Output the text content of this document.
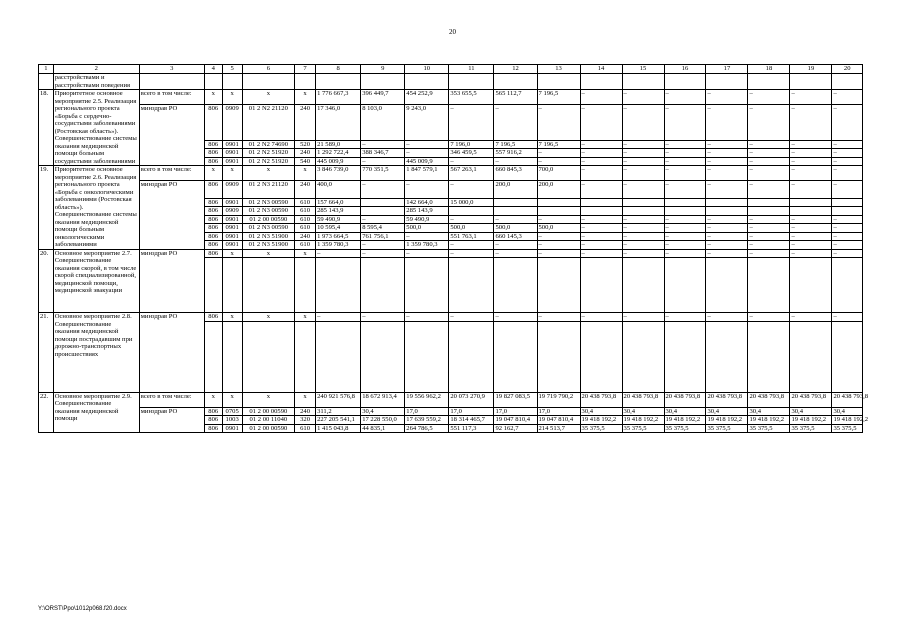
20
1	2	3	4	5	6	7	8	9	10	11	12	13	14	15	16	17	18	19	20
	расстройствами и расстройствами поведения																		
18.	Приоритетное основное мероприятие 2.5. Реализация регионального проекта «Борьба с сердечно-сосудистыми заболеваниями (Ростовская область»). Совершенствование системы оказания медицинской помощи больным сосудистыми заболеваниями	всего в том числе:	x	x	x	x	1 776 667,3	396 449,7	454 252,9	353 655,5	565 112,7	7 196,5	–	–	–	–	–	–	–
		минздрав РО	806	0909	01 2 N2 21120	240	17 346,0	8 103,0	9 243,0	–	–	–	–	–	–	–	–	–	–
			806	0901	01 2 N2 74690	520	21 589,0	–	–	7 196,0	7 196,5	7 196,5	–	–	–	–	–	–	–
			806	0901	01 2 N2 51920	240	1 292 722,4	388 346,7	–	346 459,5	557 916,2	–	–	–	–	–	–	–	–
			806	0901	01 2 N2 51920	540	445 009,9	–	445 009,9	–	–	–	–	–	–	–	–	–	–
19.	Приоритетное основное мероприятие 2.6. Реализация регионального проекта «Борьба с онкологическими заболеваниями (Ростовская область»). Совершенствование системы оказания медицинской помощи больным онкологическими заболеваниями	всего в том числе:	x	x	x	x	3 846 739,0	770 351,5	1 847 579,1	567 263,1	660 845,3	700,0	–	–	–	–	–	–	–
		минздрав РО	806	0909	01 2 N3 21120	240	400,0	–	–	–	200,0	200,0	–	–	–	–	–	–	–
			806	0901	01 2 N3 00590	610	157 664,0		142 664,0	15 000,0									
			806	0909	01 2 N3 00590	610	285 143,9		285 143,9										
			806	0901	01 2 00 00590	610	59 490,9	–	59 490,9	–	–	–	–	–	–	–	–	–	–
			806	0901	01 2 N3 00590	610	10 595,4	8 595,4	500,0	500,0	500,0	500,0	–	–	–	–	–	–	–
			806	0901	01 2 N3 51900	240	1 973 664,5	761 756,1	–	551 763,1	660 145,3	–	–	–	–	–	–	–	–
			806	0901	01 2 N3 51900	610	1 359 780,3	–	1 359 780,3	–	–	–	–	–	–	–	–	–	–
20.	Основное мероприятие 2.7. Совершенствование оказания скорой, в том числе скорой специализированной, медицинской помощи, медицинской эвакуации	минздрав РО	806	x	x	x	–	–	–	–	–	–	–	–	–	–	–	–	–

21.	Основное мероприятие 2.8. Совершенствование оказания медицинской помощи пострадавшим при дорожно-транспортных происшествиях	минздрав РО	806	x	x	x	–	–	–	–	–	–	–	–	–	–	–	–	–

22.	Основное мероприятие 2.9. Совершенствование оказания медицинской помощи	всего в том числе:	x	x	x	x	240 921 576,8	18 672 913,4	19 556 962,2	20 073 270,9	19 827 083,5	19 719 790,2	20 438 793,8	20 438 793,8	20 438 793,8	20 438 793,8	20 438 793,8	20 438 793,8	20 438 793,8
		минздрав РО	806	0705	01 2 00 00590	240	311,2	30,4	17,0	17,0	17,0	17,0	30,4	30,4	30,4	30,4	30,4	30,4	30,4
			806	1003	01 2 00 11040	320	227 205 541,1	17 228 550,0	17 639 559,2	18 314 465,7	19 047 810,4	19 047 810,4	19 418 192,2	19 418 192,2	19 418 192,2	19 418 192,2	19 418 192,2	19 418 192,2	19 418 192,2
			806	0901	01 2 00 00590	610	1 415 043,8	44 835,1	264 786,5	551 117,3	92 162,7	214 513,7	35 375,5	35 375,5	35 375,5	35 375,5	35 375,5	35 375,5	35 375,5
Y:\ORST\Ppo\1012p068.f20.docx
